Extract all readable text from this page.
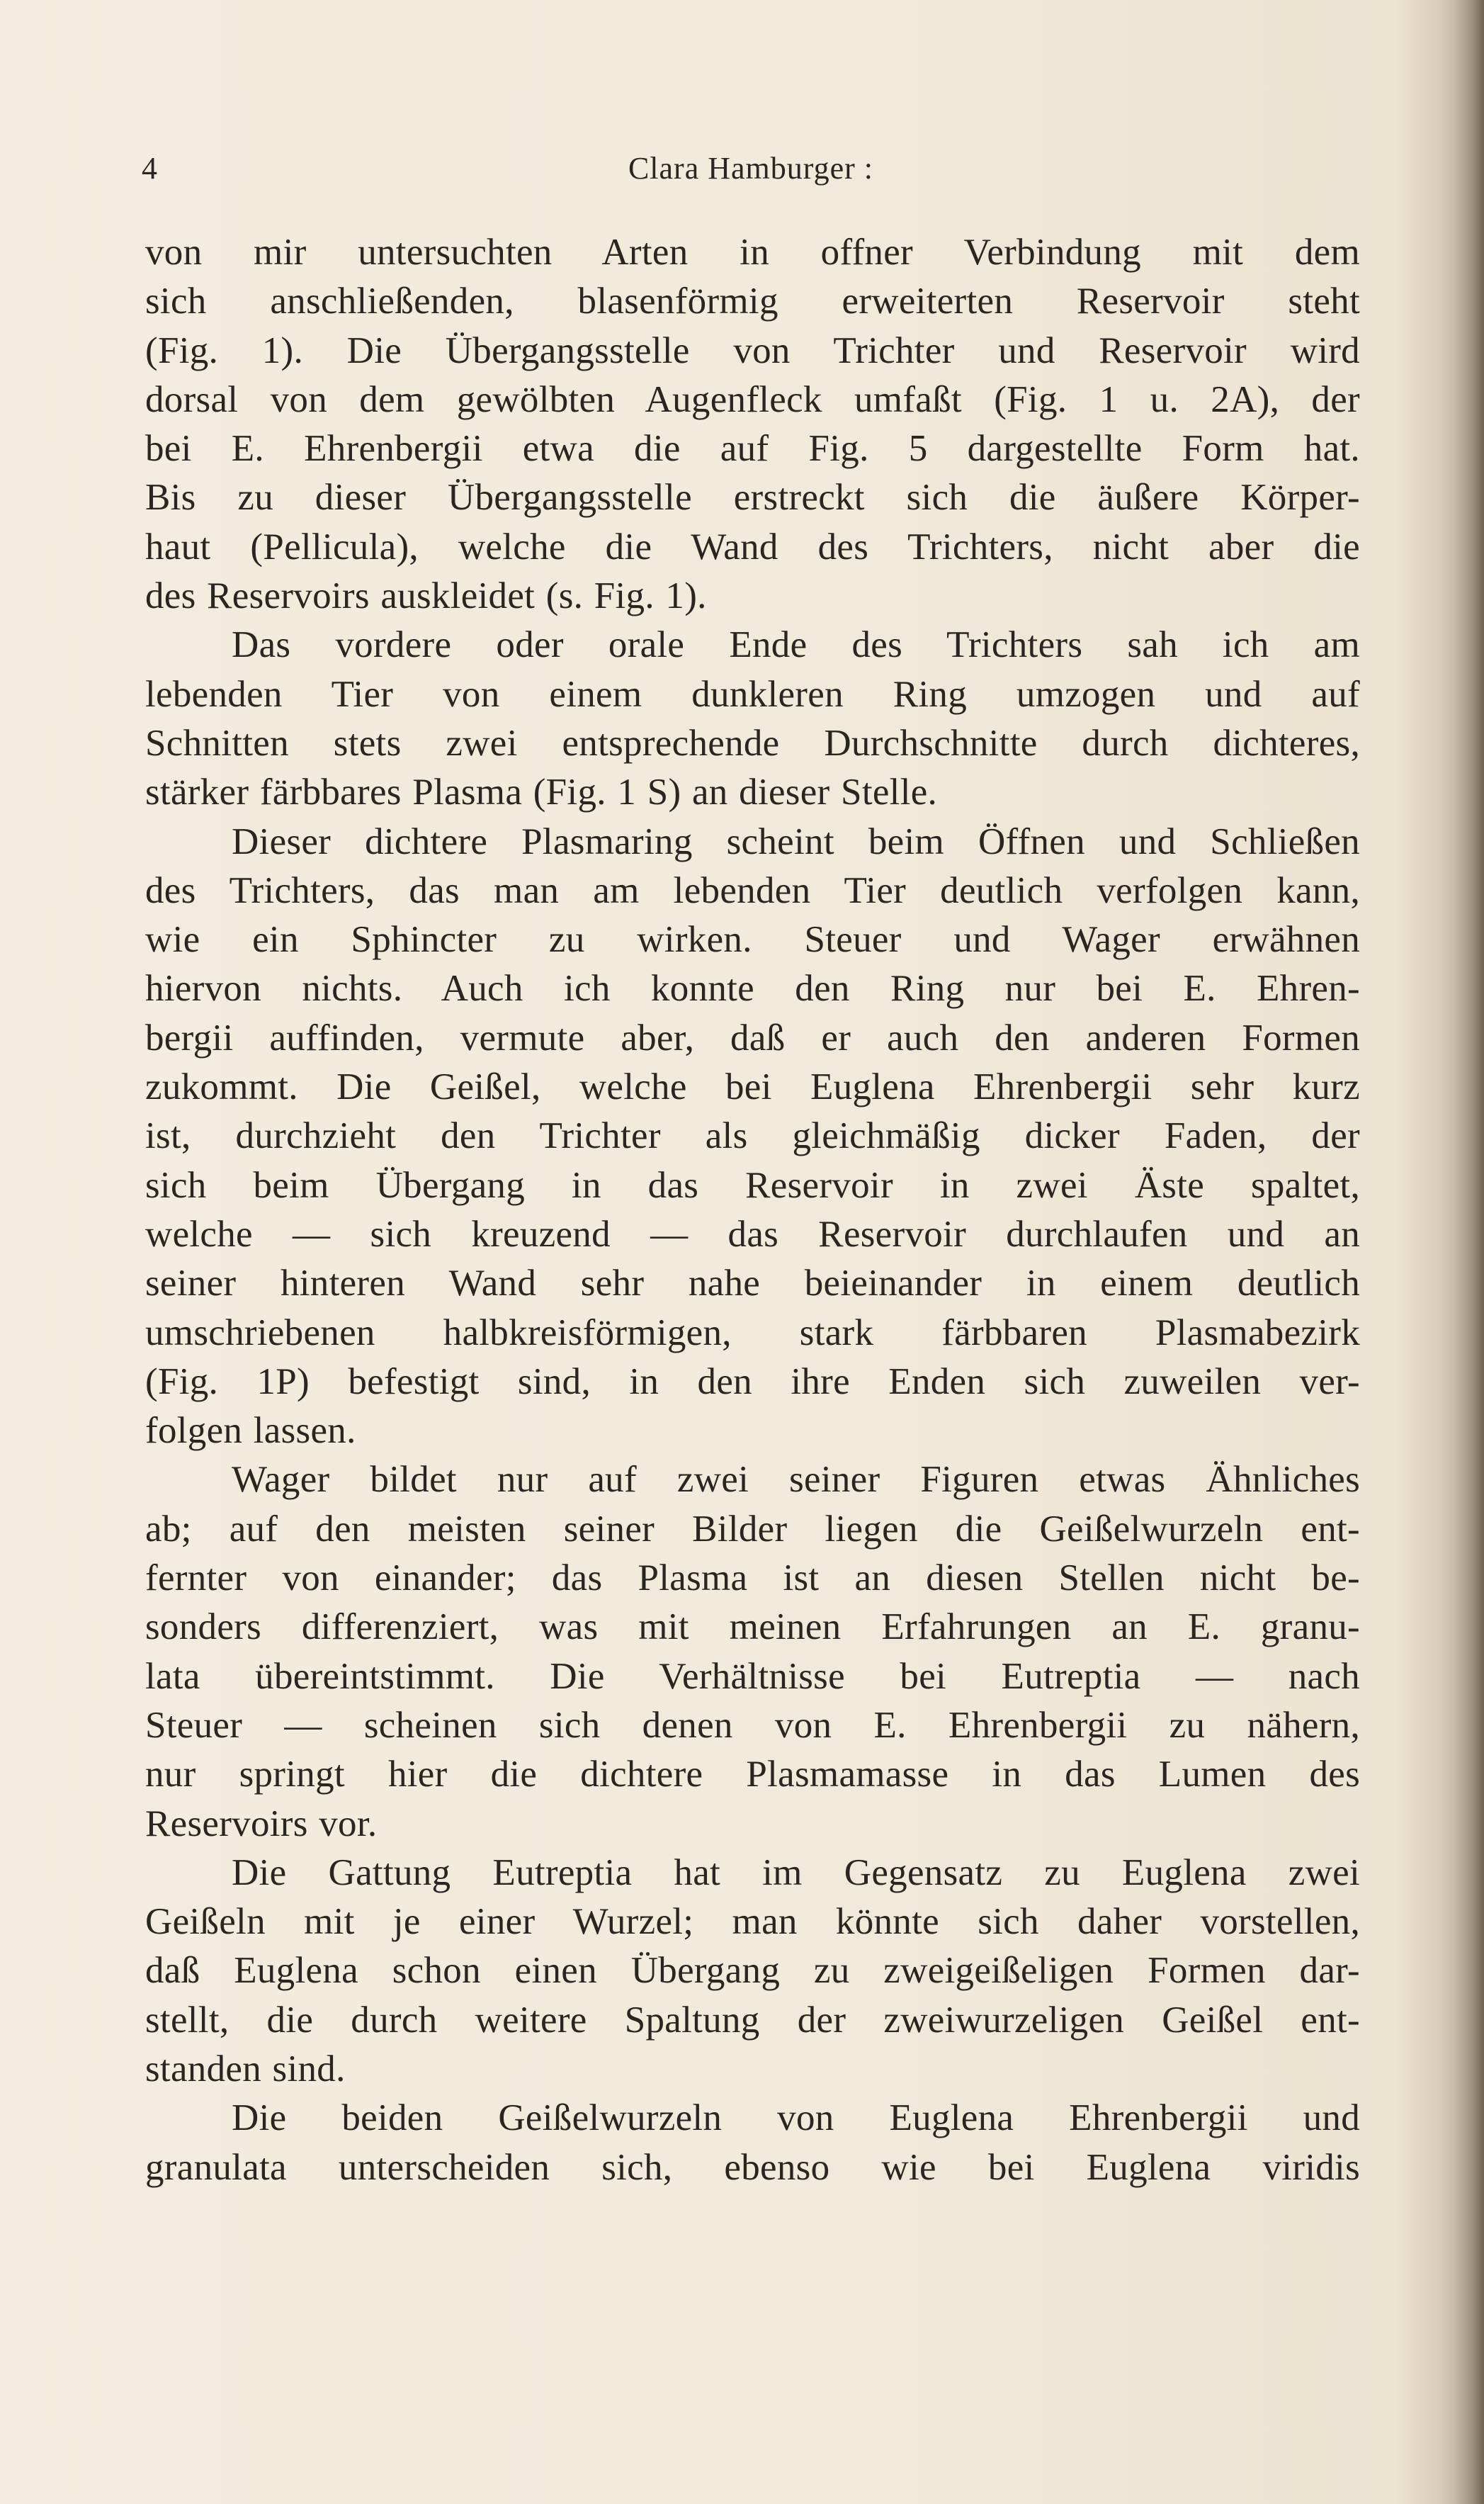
4	Clara Hamburger :
von mir untersuchten Arten in offner Verbindung mit dem
sich anschließenden, blasenförmig erweiterten Reservoir steht
(Fig. 1). Die Übergangsstelle von Trichter und Reservoir wird
dorsal von dem gewölbten Augenfleck umfaßt (Fig. 1 u. 2A), der
bei E. Ehrenbergii etwa die auf Fig. 5 dargestellte Form hat.
Bis zu dieser Übergangsstelle erstreckt sich die äußere Körper-
haut (Pellicula), welche die Wand des Trichters, nicht aber die
des Reservoirs auskleidet (s. Fig. 1).
Das vordere oder orale Ende des Trichters sah ich am
lebenden Tier von einem dunkleren Ring umzogen und auf
Schnitten stets zwei entsprechende Durchschnitte durch dichteres,
stärker färbbares Plasma (Fig. 1 S) an dieser Stelle.
Dieser dichtere Plasmaring scheint beim Öffnen und Schließen
des Trichters, das man am lebenden Tier deutlich verfolgen kann,
wie ein Sphincter zu wirken. Steuer und Wager erwähnen
hiervon nichts. Auch ich konnte den Ring nur bei E. Ehren-
bergii auffinden, vermute aber, daß er auch den anderen Formen
zukommt. Die Geißel, welche bei Euglena Ehrenbergii sehr kurz
ist, durchzieht den Trichter als gleichmäßig dicker Faden, der
sich beim Übergang in das Reservoir in zwei Äste spaltet,
welche — sich kreuzend — das Reservoir durchlaufen und an
seiner hinteren Wand sehr nahe beieinander in einem deutlich
umschriebenen halbkreisförmigen, stark färbbaren Plasmabezirk
(Fig. 1P) befestigt sind, in den ihre Enden sich zuweilen ver-
folgen lassen.
Wager bildet nur auf zwei seiner Figuren etwas Ähnliches
ab; auf den meisten seiner Bilder liegen die Geißelwurzeln ent-
fernter von einander; das Plasma ist an diesen Stellen nicht be-
sonders differenziert, was mit meinen Erfahrungen an E. granu-
lata übereintstimmt. Die Verhältnisse bei Eutreptia — nach
Steuer — scheinen sich denen von E. Ehrenbergii zu nähern,
nur springt hier die dichtere Plasmamasse in das Lumen des
Reservoirs vor.
Die Gattung Eutreptia hat im Gegensatz zu Euglena zwei
Geißeln mit je einer Wurzel; man könnte sich daher vorstellen,
daß Euglena schon einen Übergang zu zweigeißeligen Formen dar-
stellt, die durch weitere Spaltung der zweiwurzeligen Geißel ent-
standen sind.
Die beiden Geißelwurzeln von Euglena Ehrenbergii und
granulata unterscheiden sich, ebenso wie bei Euglena viridis
